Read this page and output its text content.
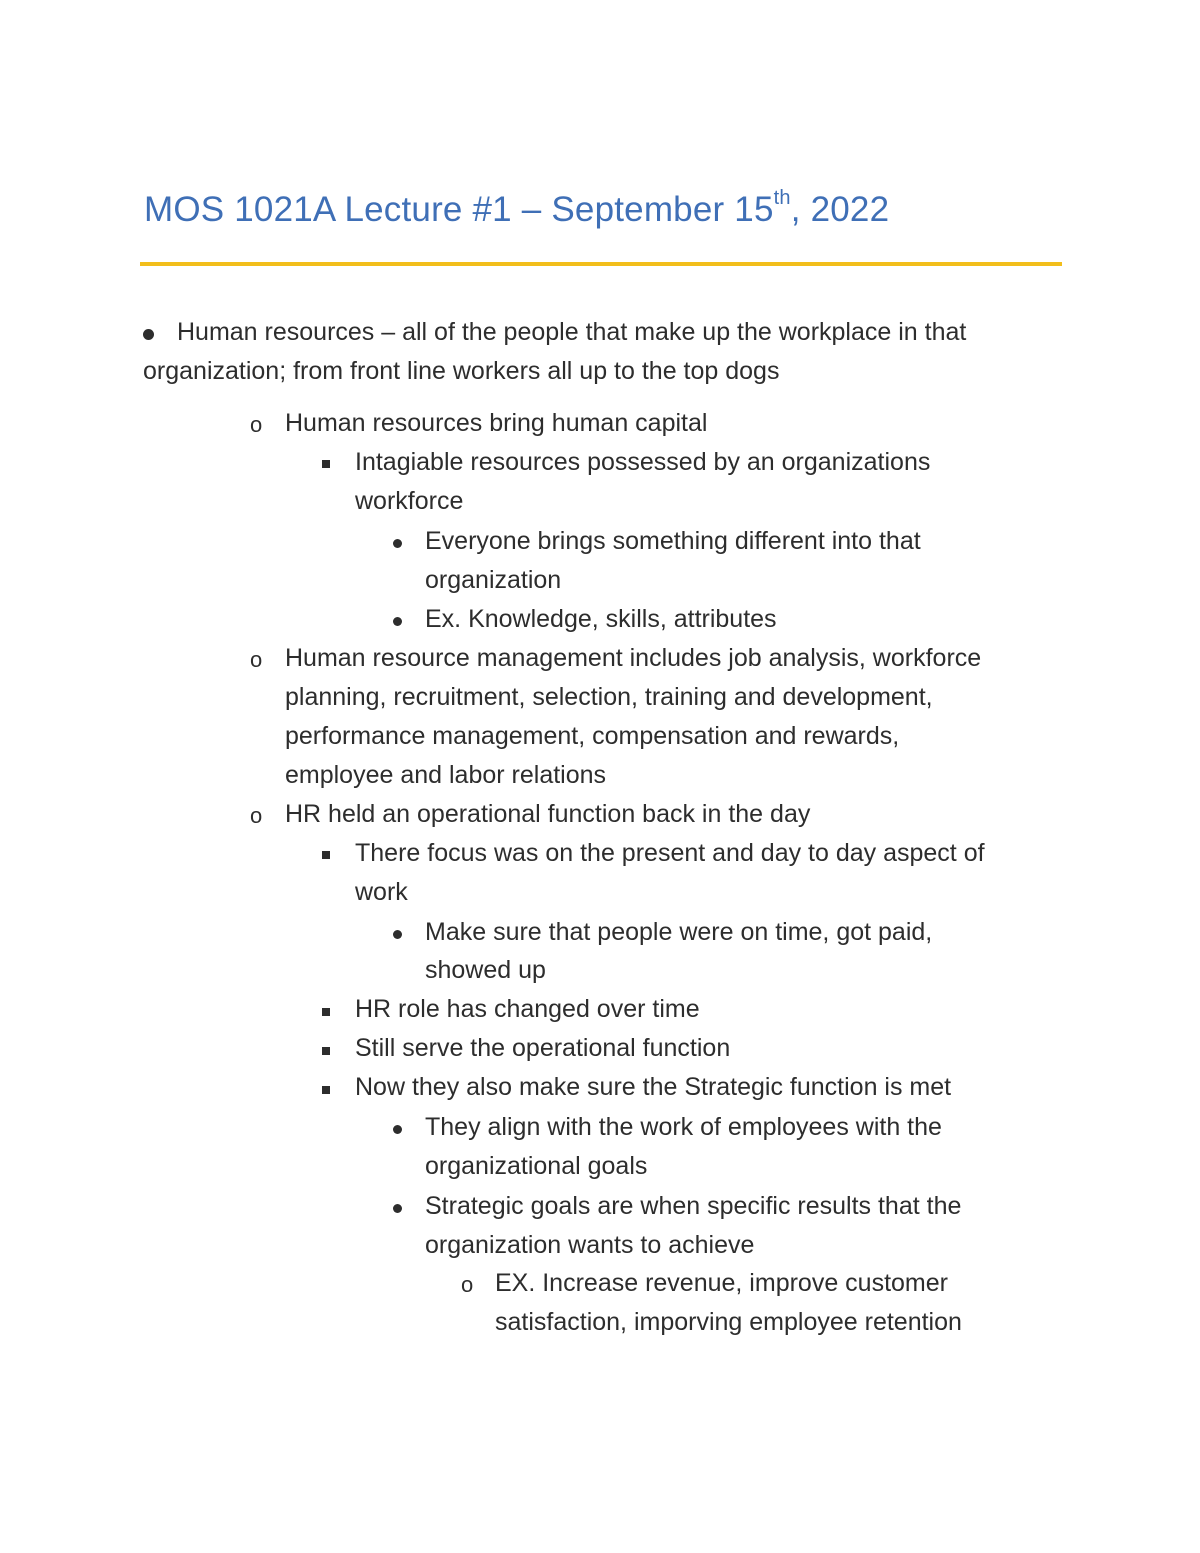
MOS 1021A Lecture #1 – September 15th, 2022
Human resources – all of the people that make up the workplace in that
organization; from front line workers all up to the top dogs
o Human resources bring human capital
Intagiable resources possessed by an organizations
workforce
Everyone brings something different into that
organization
Ex. Knowledge, skills, attributes
o Human resource management includes job analysis, workforce
planning, recruitment, selection, training and development,
performance management, compensation and rewards,
employee and labor relations
o HR held an operational function back in the day
There focus was on the present and day to day aspect of
work
Make sure that people were on time, got paid,
showed up
HR role has changed over time
Still serve the operational function
Now they also make sure the Strategic function is met
They align with the work of employees with the
organizational goals
Strategic goals are when specific results that the
organization wants to achieve
o EX. Increase revenue, improve customer
satisfaction, imporving employee retention
